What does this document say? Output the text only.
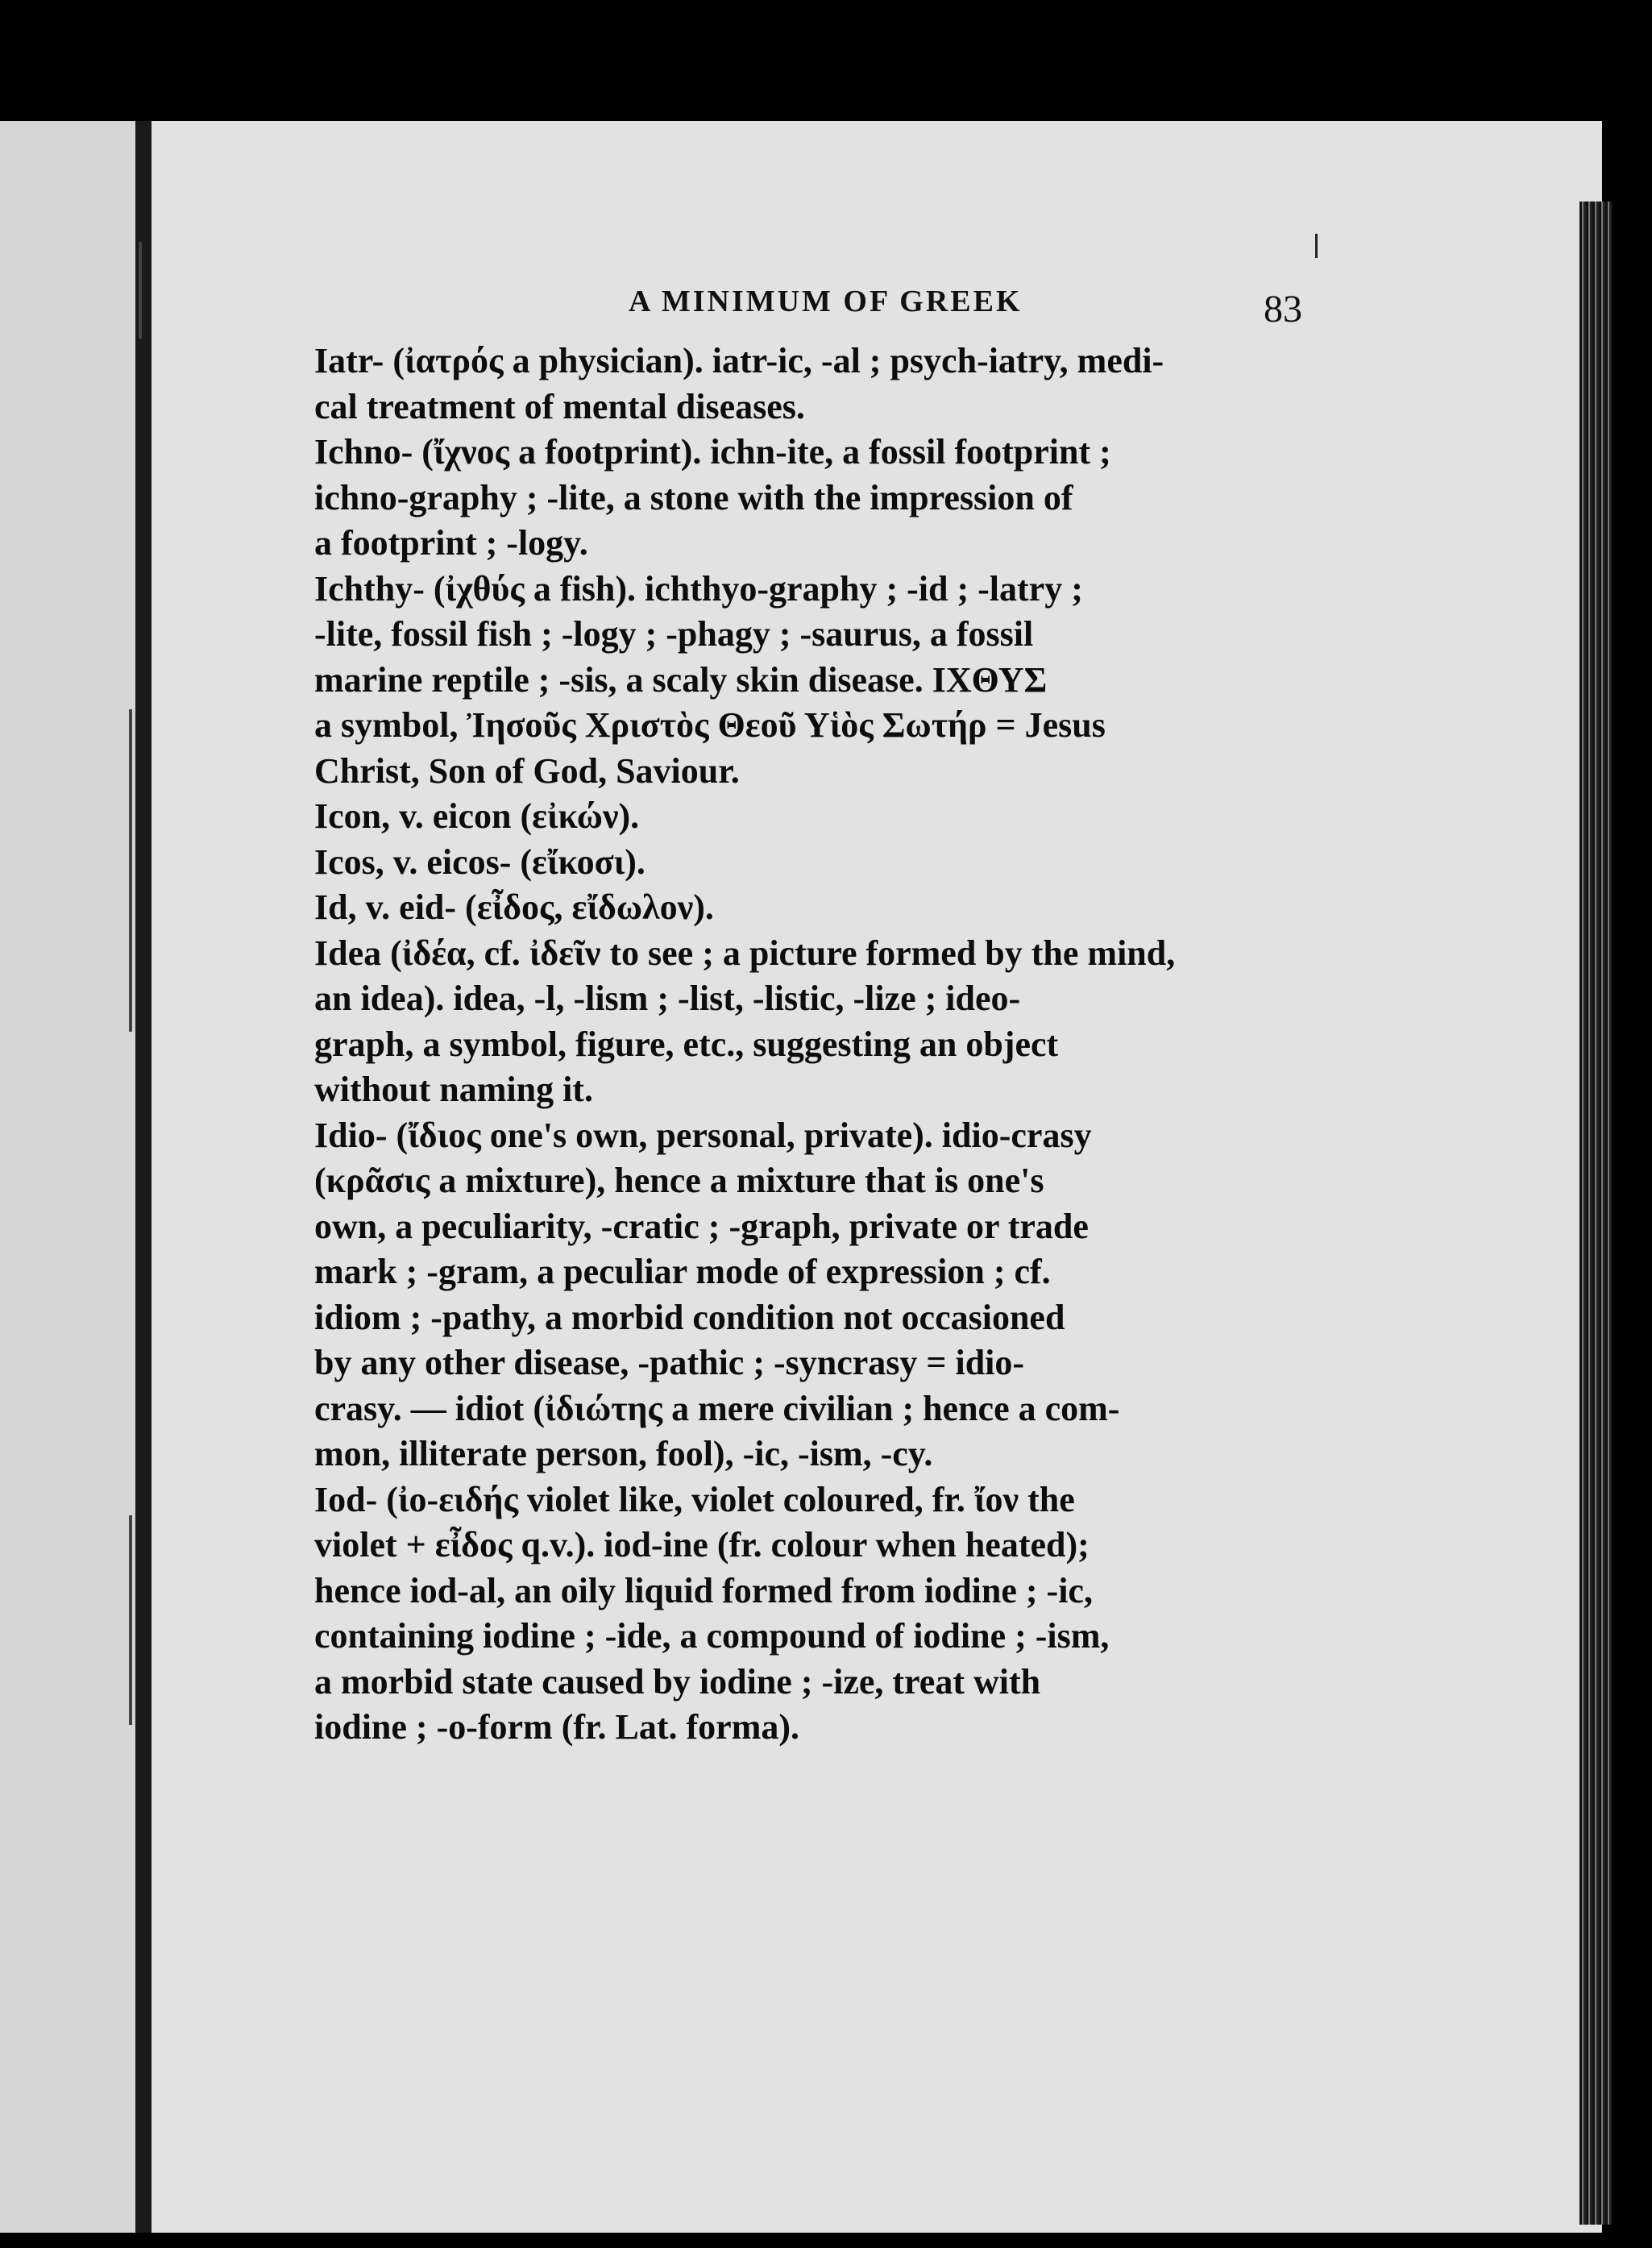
A MINIMUM OF GREEK	83
Iatr- (ἰατρός a physician). iatr-ic, -al ; psych-iatry, medi-
cal treatment of mental diseases.
Ichno- (ἴχνος a footprint). ichn-ite, a fossil footprint ;
ichno-graphy ; -lite, a stone with the impression of
a footprint ; -logy.
Ichthy- (ἰχθύς a fish). ichthyo-graphy ; -id ; -latry ;
-lite, fossil fish ; -logy ; -phagy ; -saurus, a fossil
marine reptile ; -sis, a scaly skin disease. ΙΧΘΥΣ
a symbol, Ἰησοῦς Χριστὸς Θεοῦ Υἱὸς Σωτήρ = Jesus
Christ, Son of God, Saviour.
Icon, v. eicon (εἰκών).
Icos, v. eicos- (εἴκοσι).
Id, v. eid- (εἶδος, εἴδωλον).
Idea (ἰδέα, cf. ἰδεῖν to see ; a picture formed by the mind,
an idea). idea, -l, -lism ; -list, -listic, -lize ; ideo-
graph, a symbol, figure, etc., suggesting an object
without naming it.
Idio- (ἴδιος one's own, personal, private). idio-crasy
(κρᾶσις a mixture), hence a mixture that is one's
own, a peculiarity, -cratic ; -graph, private or trade
mark ; -gram, a peculiar mode of expression ; cf.
idiom ; -pathy, a morbid condition not occasioned
by any other disease, -pathic ; -syncrasy = idio-
crasy. — idiot (ἰδιώτης a mere civilian ; hence a com-
mon, illiterate person, fool), -ic, -ism, -cy.
Iod- (ἰο-ειδής violet like, violet coloured, fr. ἴον the
violet + εἶδος q.v.). iod-ine (fr. colour when heated);
hence iod-al, an oily liquid formed from iodine ; -ic,
containing iodine ; -ide, a compound of iodine ; -ism,
a morbid state caused by iodine ; -ize, treat with
iodine ; -o-form (fr. Lat. forma).
